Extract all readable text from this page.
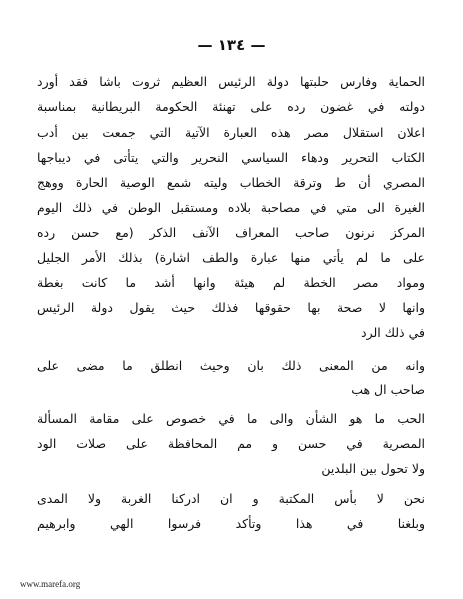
— ١٣٤ —
الحماية وفارس حلبتها دولة الرئيس العظيم ثروت باشا فقد أورد
دولته في غضون رده على تهنئة الحكومة البريطانية بمناسبة
اعلان استقلال مصر هذه العبارة الآتية التي جمعت بين أدب
الكتاب التحرير ودهاء السياسي النحرير والتي يتأتى في ديباجها
المصري أن ط وترقة الخطاب وليته شمع الوصية الحارة ووهج
الغيرة الى متي في مصاحبة بلاده ومستقبل الوطن في ذلك اليوم
المركز نرنون صاحب المعراف الآنف الذكر (مع حسن رده
على ما لم يأتي منها عبارة والطف اشارة) بذلك الأمر الجليل
ومواد مصر الخطة لم هيئة وانها أشد ما كانت بغطة
وانها لا صحة بها حقوقها فذلك حيث يقول دولة الرئيس
في ذلك الرد
وانه من المعنى ذلك بان وحيث انطلق ما مضى على
صاحب ال هب
الحب ما هو الشأن والى ما في خصوص على مقامة المسألة
المصرية في حسن و مم المحافظة على صلات الود
ولا تحول بين البلدين
نحن لا بأس المكتبة و ان ادركنا الغربة ولا المدى
وبلغنا في هذا وتأكد فرسوا الهي وابرهيم
www.marefa.org
